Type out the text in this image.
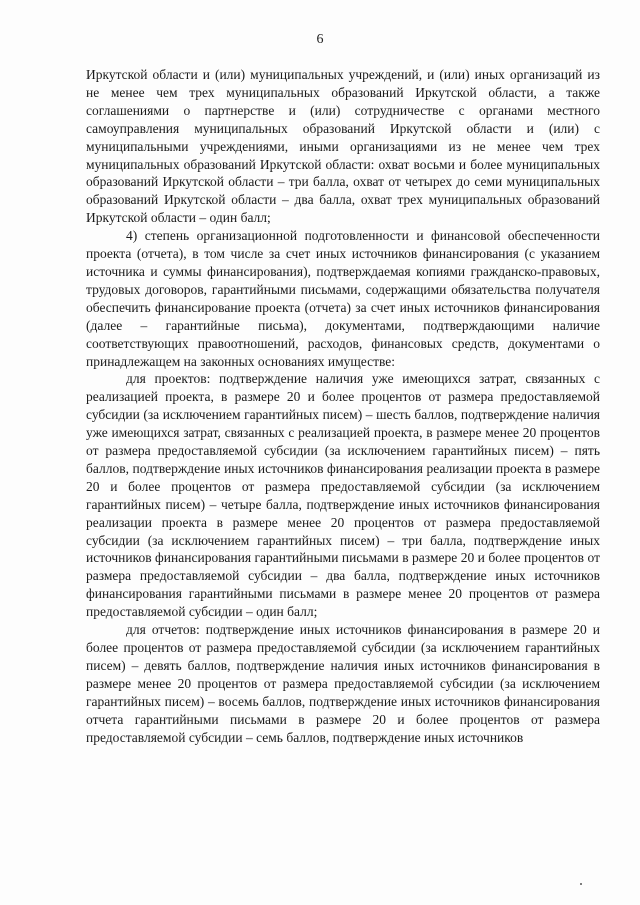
6

Иркутской области и (или) муниципальных учреждений, и (или) иных организаций из не менее чем трех муниципальных образований Иркутской области, а также соглашениями о партнерстве и (или) сотрудничестве с органами местного самоуправления муниципальных образований Иркутской области и (или) с муниципальными учреждениями, иными организациями из не менее чем трех муниципальных образований Иркутской области: охват восьми и более муниципальных образований Иркутской области – три балла, охват от четырех до семи муниципальных образований Иркутской области – два балла, охват трех муниципальных образований Иркутской области – один балл;

4) степень организационной подготовленности и финансовой обеспеченности проекта (отчета), в том числе за счет иных источников финансирования (с указанием источника и суммы финансирования), подтверждаемая копиями гражданско-правовых, трудовых договоров, гарантийными письмами, содержащими обязательства получателя обеспечить финансирование проекта (отчета) за счет иных источников финансирования (далее – гарантийные письма), документами, подтверждающими наличие соответствующих правоотношений, расходов, финансовых средств, документами о принадлежащем на законных основаниях имуществе:

для проектов: подтверждение наличия уже имеющихся затрат, связанных с реализацией проекта, в размере 20 и более процентов от размера предоставляемой субсидии (за исключением гарантийных писем) – шесть баллов, подтверждение наличия уже имеющихся затрат, связанных с реализацией проекта, в размере менее 20 процентов от размера предоставляемой субсидии (за исключением гарантийных писем) – пять баллов, подтверждение иных источников финансирования реализации проекта в размере 20 и более процентов от размера предоставляемой субсидии (за исключением гарантийных писем) – четыре балла, подтверждение иных источников финансирования реализации проекта в размере менее 20 процентов от размера предоставляемой субсидии (за исключением гарантийных писем) – три балла, подтверждение иных источников финансирования гарантийными письмами в размере 20 и более процентов от размера предоставляемой субсидии – два балла, подтверждение иных источников финансирования гарантийными письмами в размере менее 20 процентов от размера предоставляемой субсидии – один балл;

для отчетов: подтверждение иных источников финансирования в размере 20 и более процентов от размера предоставляемой субсидии (за исключением гарантийных писем) – девять баллов, подтверждение наличия иных источников финансирования в размере менее 20 процентов от размера предоставляемой субсидии (за исключением гарантийных писем) – восемь баллов, подтверждение иных источников финансирования отчета гарантийными письмами в размере 20 и более процентов от размера предоставляемой субсидии – семь баллов, подтверждение иных источников
